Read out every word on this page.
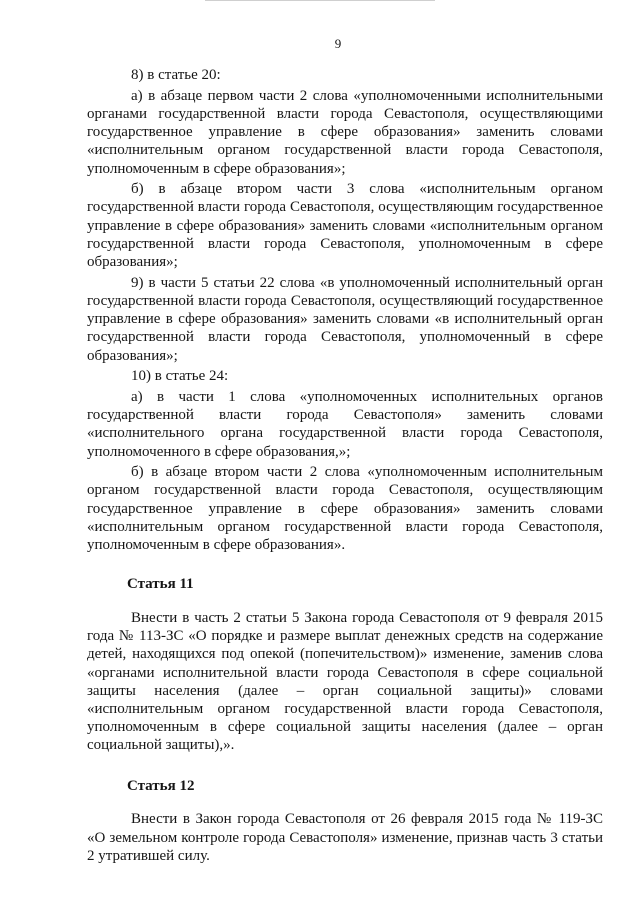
9

8) в статье 20:

а) в абзаце первом части 2 слова «уполномоченными исполнительными органами государственной власти города Севастополя, осуществляющими государственное управление в сфере образования» заменить словами «исполнительным органом государственной власти города Севастополя, уполномоченным в сфере образования»;

б) в абзаце втором части 3 слова «исполнительным органом государственной власти города Севастополя, осуществляющим государственное управление в сфере образования» заменить словами «исполнительным органом государственной власти города Севастополя, уполномоченным в сфере образования»;

9) в части 5 статьи 22 слова «в уполномоченный исполнительный орган государственной власти города Севастополя, осуществляющий государственное управление в сфере образования» заменить словами «в исполнительный орган государственной власти города Севастополя, уполномоченный в сфере образования»;

10) в статье 24:

а) в части 1 слова «уполномоченных исполнительных органов государственной власти города Севастополя» заменить словами «исполнительного органа государственной власти города Севастополя, уполномоченного в сфере образования,»;

б) в абзаце втором части 2 слова «уполномоченным исполнительным органом государственной власти города Севастополя, осуществляющим государственное управление в сфере образования» заменить словами «исполнительным органом государственной власти города Севастополя, уполномоченным в сфере образования».

Статья 11

Внести в часть 2 статьи 5 Закона города Севастополя от 9 февраля 2015 года № 113-ЗС «О порядке и размере выплат денежных средств на содержание детей, находящихся под опекой (попечительством)» изменение, заменив слова «органами исполнительной власти города Севастополя в сфере социальной защиты населения (далее – орган социальной защиты)» словами «исполнительным органом государственной власти города Севастополя, уполномоченным в сфере социальной защиты населения (далее – орган социальной защиты),».

Статья 12

Внести в Закон города Севастополя от 26 февраля 2015 года № 119-ЗС «О земельном контроле города Севастополя» изменение, признав часть 3 статьи 2 утратившей силу.
